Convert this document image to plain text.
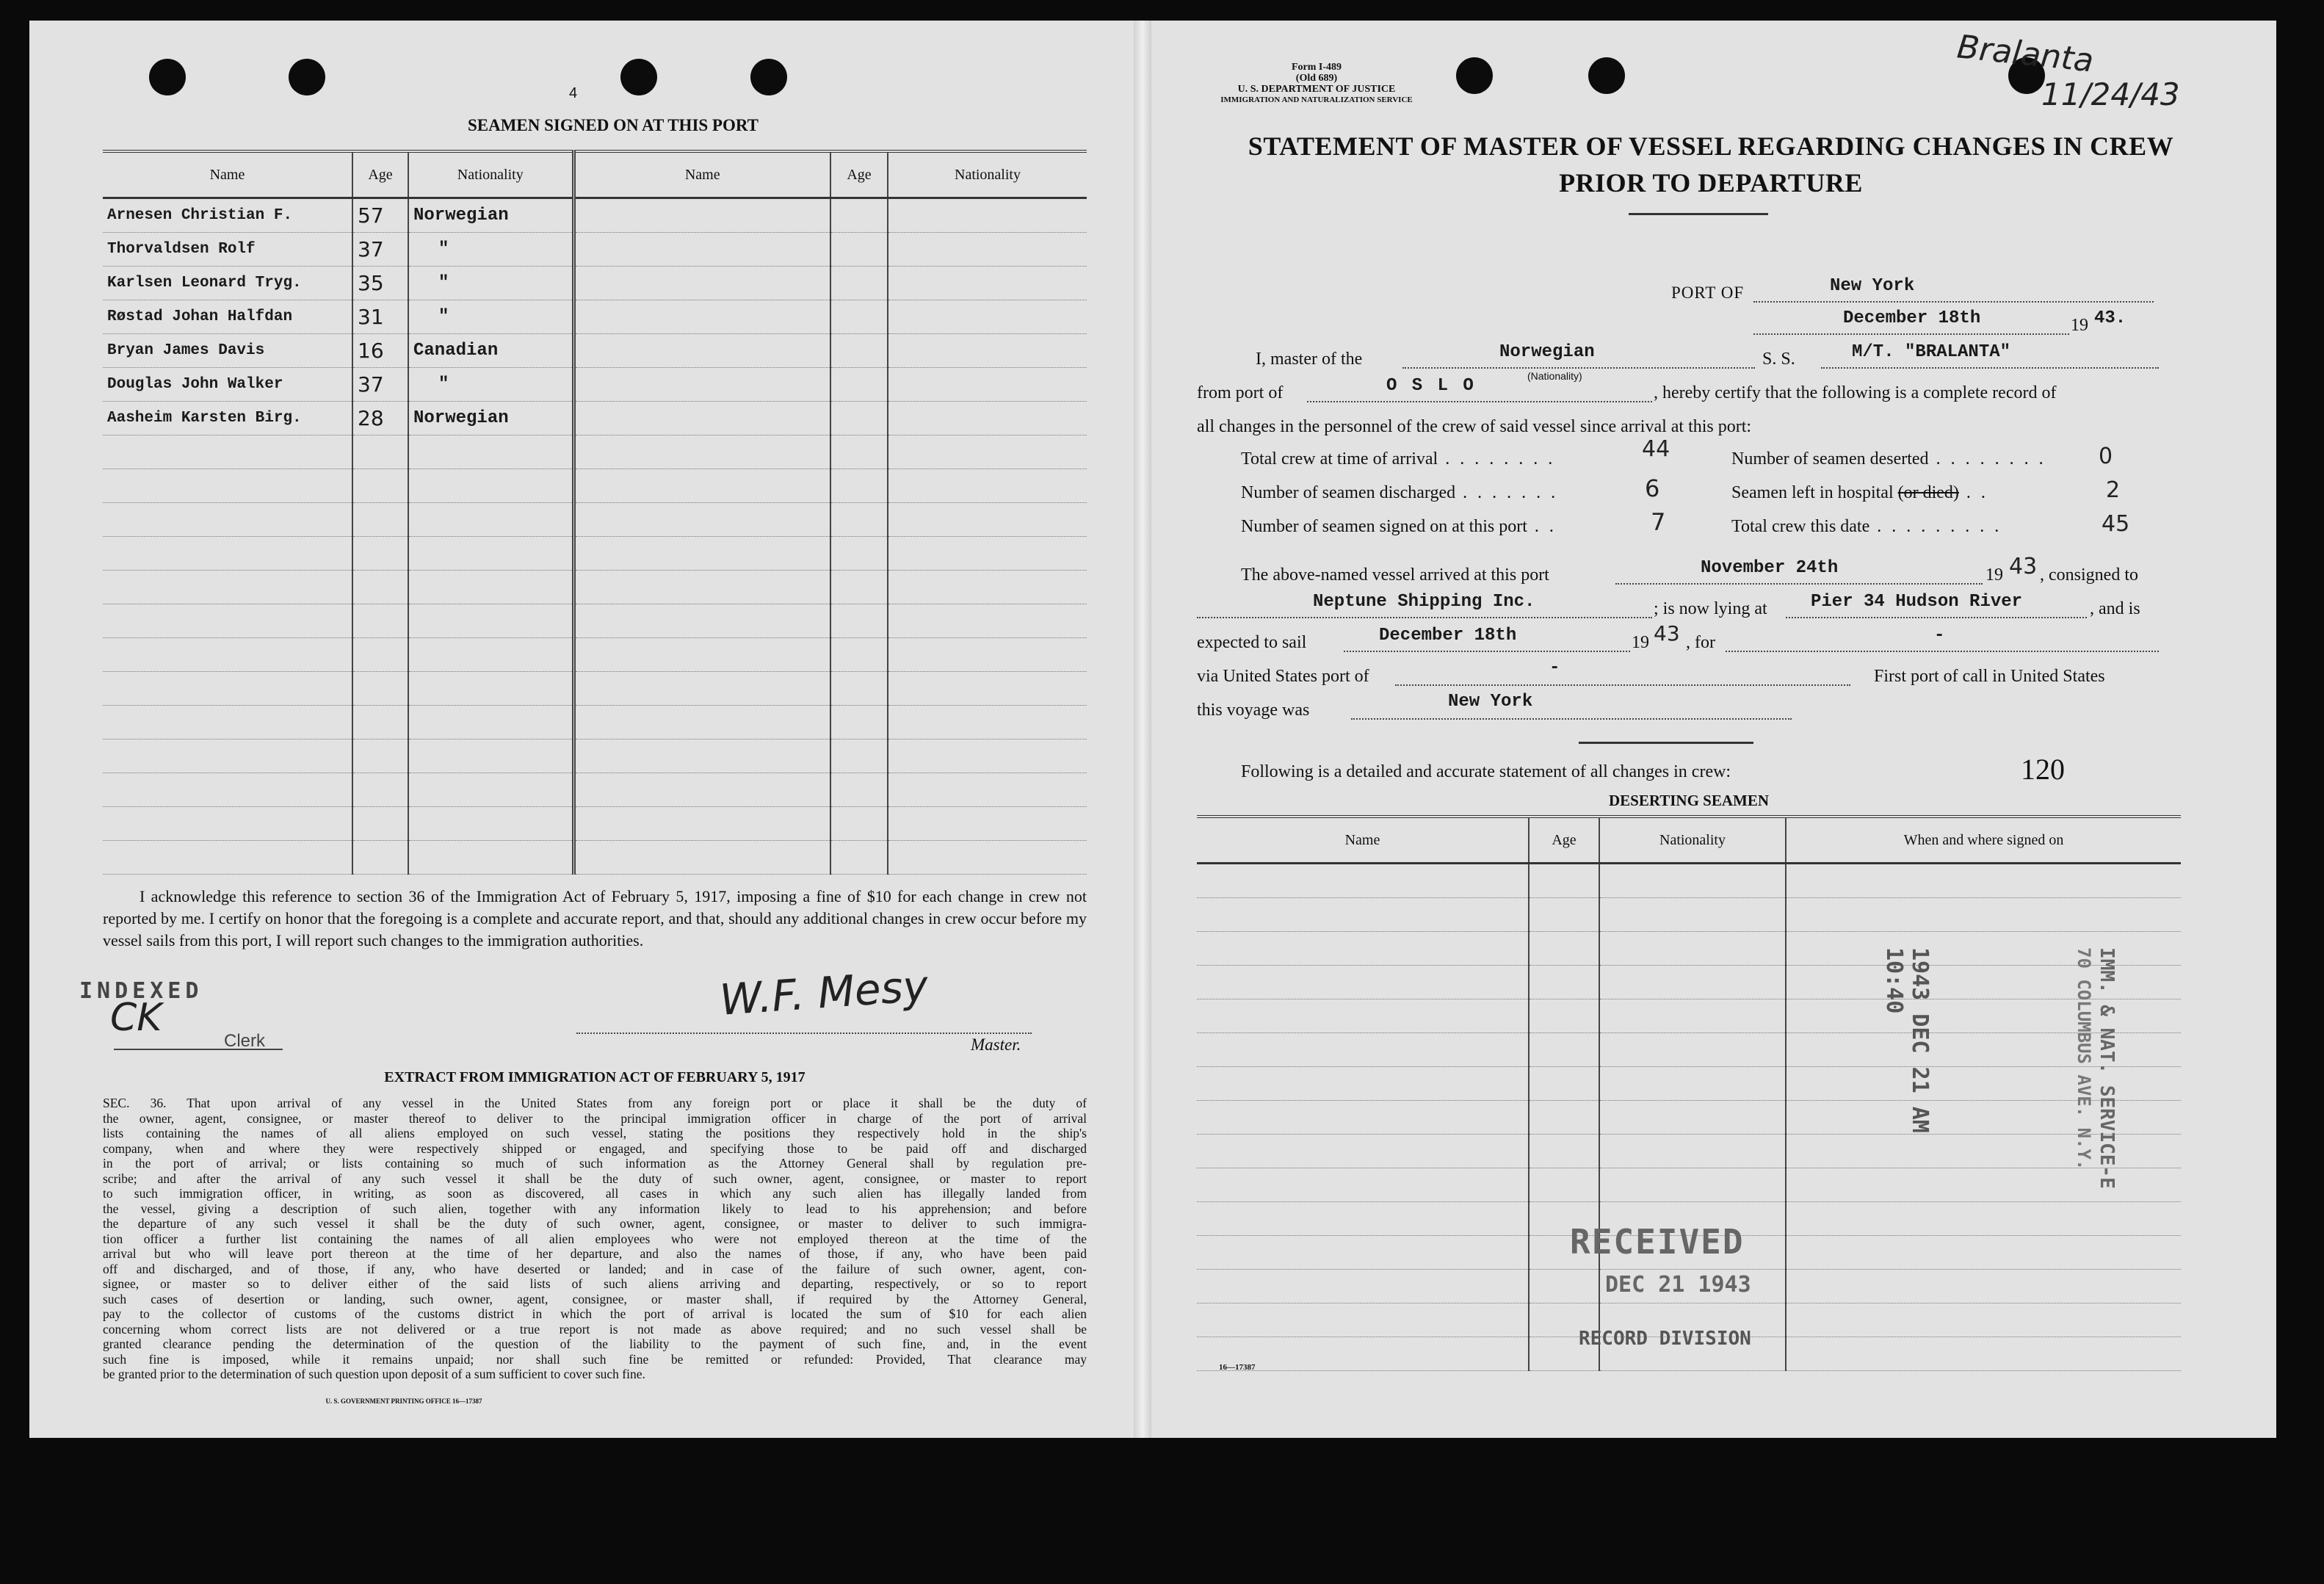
4
SEAMEN SIGNED ON AT THIS PORT
Name	Age	Nationality	Name	Age	Nationality
Arnesen Christian F.	57	Norwegian			
Thorvaldsen Rolf	37	"			
Karlsen Leonard Tryg.	35	"			
Røstad Johan Halfdan	31	"			
Bryan James Davis	16	Canadian			
Douglas John Walker	37	"			
Aasheim Karsten Birg.	28	Norwegian			

I acknowledge this reference to section 36 of the Immigration Act of February 5, 1917, imposing a fine of $10 for each change in crew not reported by me. I certify on honor that the foregoing is a complete and accurate report, and that, should any additional changes in crew occur before my vessel sails from this port, I will report such changes to the immigration authorities.
INDEXED
CK
Clerk
W.F. Mesy
Master.
EXTRACT FROM IMMIGRATION ACT OF FEBRUARY 5, 1917
SEC. 36. That upon arrival of any vessel in the United States from any foreign port or place it shall be the duty of
the owner, agent, consignee, or master thereof to deliver to the principal immigration officer in charge of the port of arrival
lists containing the names of all aliens employed on such vessel, stating the positions they respectively hold in the ship's
company, when and where they were respectively shipped or engaged, and specifying those to be paid off and discharged
in the port of arrival; or lists containing so much of such information as the Attorney General shall by regulation pre-
scribe; and after the arrival of any such vessel it shall be the duty of such owner, agent, consignee, or master to report
to such immigration officer, in writing, as soon as discovered, all cases in which any such alien has illegally landed from
the vessel, giving a description of such alien, together with any information likely to lead to his apprehension; and before
the departure of any such vessel it shall be the duty of such owner, agent, consignee, or master to deliver to such immigra-
tion officer a further list containing the names of all alien employees who were not employed thereon at the time of the
arrival but who will leave port thereon at the time of her departure, and also the names of those, if any, who have been paid
off and discharged, and of those, if any, who have deserted or landed; and in case of the failure of such owner, agent, con-
signee, or master so to deliver either of the said lists of such aliens arriving and departing, respectively, or so to report
such cases of desertion or landing, such owner, agent, consignee, or master shall, if required by the Attorney General,
pay to the collector of customs of the customs district in which the port of arrival is located the sum of $10 for each alien
concerning whom correct lists are not delivered or a true report is not made as above required; and no such vessel shall be
granted clearance pending the determination of the question of the liability to the payment of such fine, and, in the event
such fine is imposed, while it remains unpaid; nor shall such fine be remitted or refunded: Provided, That clearance may
be granted prior to the determination of such question upon deposit of a sum sufficient to cover such fine.
U. S. GOVERNMENT PRINTING OFFICE 16—17387
Form I-489
(Old 689)
U. S. DEPARTMENT OF JUSTICE
IMMIGRATION AND NATURALIZATION SERVICE
Bralanta
11/24/43
STATEMENT OF MASTER OF VESSEL REGARDING CHANGES IN CREW
PRIOR TO DEPARTURE
PORT OF	New York
December 18th	19 43.
I, master of the	Norwegian	S. S.	M/T. "BRALANTA"
from port of	O S L O	(Nationality)
, hereby certify that the following is a complete record of
all changes in the personnel of the crew of said vessel since arrival at this port:
Total crew at time of arrival . . . . . . . .	44
Number of seamen discharged . . . . . . .	6
Number of seamen signed on at this port . .	7
Number of seamen deserted . . . . . . . .	0
Seamen left in hospital (or died) . .	2
Total crew this date . . . . . . . . .	45
The above-named vessel arrived at this port	November 24th	19 43 , consigned to
Neptune Shipping Inc.	; is now lying at Pier 34 Hudson River	, and is
expected to sail	December 18th	19 43 , for	-
via United States port of	-	First port of call in United States
this voyage was	New York
Following is a detailed and accurate statement of all changes in crew:	120
DESERTING SEAMEN
Name	Age	Nationality	When and where signed on

RECEIVED
DEC 21 1943
RECORD DIVISION
1943 DEC 21 AM 10:40	IMM. & NAT. SERVICE-E
70 COLUMBUS AVE. N.Y.
16—17387
